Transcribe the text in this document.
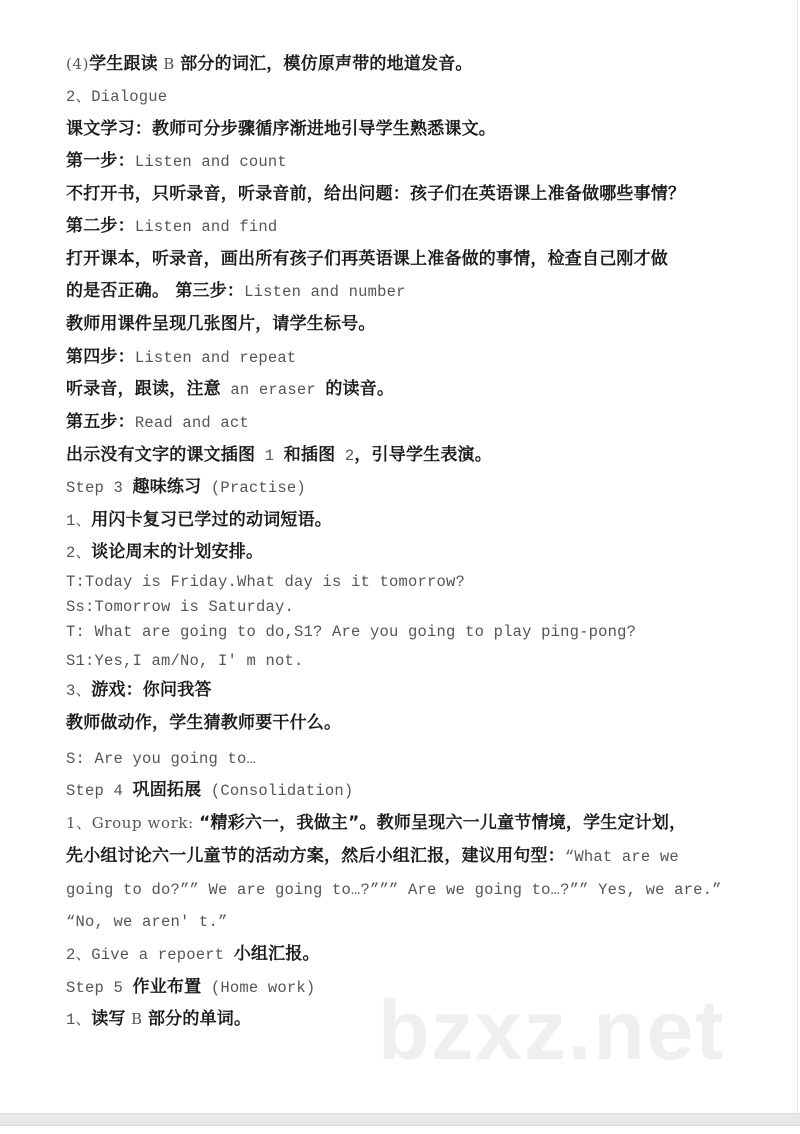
(4)学生跟读 B 部分的词汇，模仿原声带的地道发音。
2、Dialogue
课文学习：教师可分步骤循序渐进地引导学生熟悉课文。
第一步：Listen and count
不打开书，只听录音，听录音前，给出问题：孩子们在英语课上准备做哪些事情？
第二步：Listen and find
打开课本，听录音，画出所有孩子们再英语课上准备做的事情，检查自己刚才做
的是否正确。 第三步：Listen and number
教师用课件呈现几张图片，请学生标号。
第四步：Listen and repeat
听录音，跟读，注意 an eraser 的读音。
第五步：Read and act
出示没有文字的课文插图 1 和插图 2，引导学生表演。
Step 3 趣味练习 (Practise)
1、用闪卡复习已学过的动词短语。
2、谈论周末的计划安排。
T:Today is Friday.What day is it tomorrow?
Ss:Tomorrow is Saturday.
T: What are going to do,S1? Are you going to play ping-pong?
S1:Yes,I am/No, I′ m not.
3、游戏：你问我答
教师做动作，学生猜教师要干什么。
S: Are you going to…
Step 4 巩固拓展 (Consolidation)
1、Group work: “精彩六一，我做主”。教师呈现六一儿童节情境，学生定计划，
先小组讨论六一儿童节的活动方案，然后小组汇报，建议用句型：“What are we
going to do?”” We are going to…?””” Are we going to…?”” Yes, we are.”
“No, we aren′ t.”
2、Give a repoert 小组汇报。
Step 5 作业布置 (Home work)
1、读写 B 部分的单词。 bzxz.net
